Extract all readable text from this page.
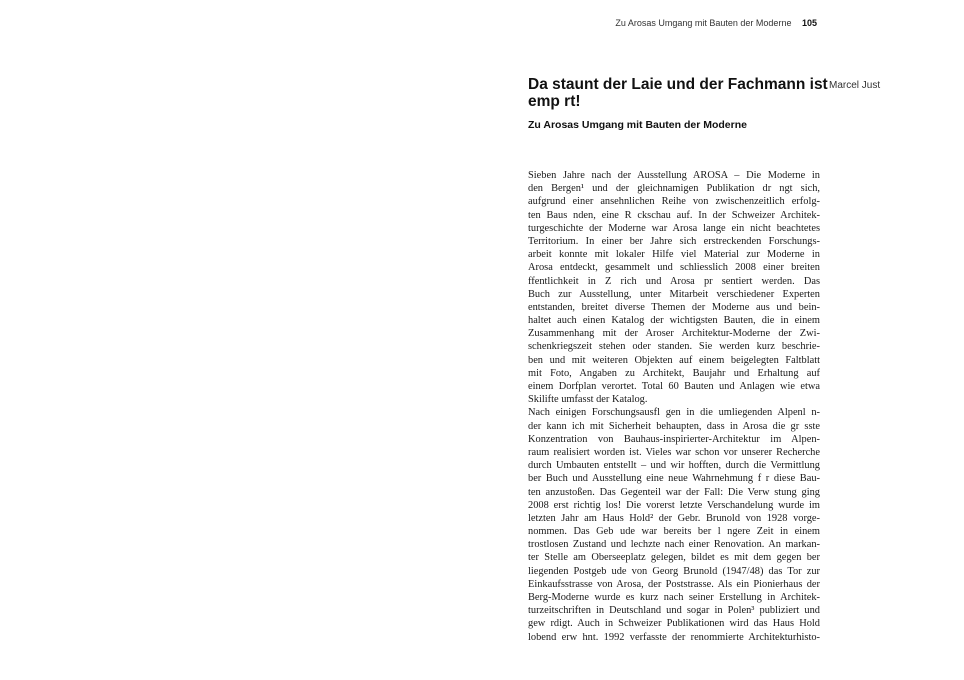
Zu Arosas Umgang mit Bauten der Moderne 105
Da staunt der Laie und der Fachmann ist emp rt!
Marcel Just
Zu Arosas Umgang mit Bauten der Moderne
Sieben Jahre nach der Ausstellung AROSA – Die Moderne in
den Bergen¹ und der gleichnamigen Publikation dr ngt sich,
aufgrund einer ansehnlichen Reihe von zwischenzeitlich erfolg-
ten Baus nden, eine R ckschau auf. In der Schweizer Architek-
turgeschichte der Moderne war Arosa lange ein nicht beachtetes
Territorium. In einer ber Jahre sich erstreckenden Forschungs-
arbeit konnte mit lokaler Hilfe viel Material zur Moderne in
Arosa entdeckt, gesammelt und schliesslich 2008 einer breiten
ffentlichkeit in Z rich und Arosa pr sentiert werden. Das
Buch zur Ausstellung, unter Mitarbeit verschiedener Experten
entstanden, breitet diverse Themen der Moderne aus und bein-
haltet auch einen Katalog der wichtigsten Bauten, die in einem
Zusammenhang mit der Aroser Architektur-Moderne der Zwi-
schenkriegszeit stehen oder standen. Sie werden kurz beschrie-
ben und mit weiteren Objekten auf einem beigelegten Faltblatt
mit Foto, Angaben zu Architekt, Baujahr und Erhaltung auf
einem Dorfplan verortet. Total 60 Bauten und Anlagen wie etwa
Skilifte umfasst der Katalog.
Nach einigen Forschungsausfl gen in die umliegenden Alpenl n-
der kann ich mit Sicherheit behaupten, dass in Arosa die gr sste
Konzentration von Bauhaus-inspirierter-Architektur im Alpen-
raum realisiert worden ist. Vieles war schon vor unserer Recherche
durch Umbauten entstellt – und wir hofften, durch die Vermittlung
ber Buch und Ausstellung eine neue Wahrnehmung f r diese Bau-
ten anzustoßen. Das Gegenteil war der Fall: Die Verw stung ging
2008 erst richtig los! Die vorerst letzte Verschandelung wurde im
letzten Jahr am Haus Hold² der Gebr. Brunold von 1928 vorge-
nommen. Das Geb ude war bereits ber l ngere Zeit in einem
trostlosen Zustand und lechzte nach einer Renovation. An markan-
ter Stelle am Oberseeplatz gelegen, bildet es mit dem gegen ber
liegenden Postgeb ude von Georg Brunold (1947/48) das Tor zur
Einkaufsstrasse von Arosa, der Poststrasse. Als ein Pionierhaus der
Berg-Moderne wurde es kurz nach seiner Erstellung in Architek-
turzeitschriften in Deutschland und sogar in Polen³ publiziert und
gew rdigt. Auch in Schweizer Publikationen wird das Haus Hold
lobend erw hnt. 1992 verfasste der renommierte Architekturhisto-
